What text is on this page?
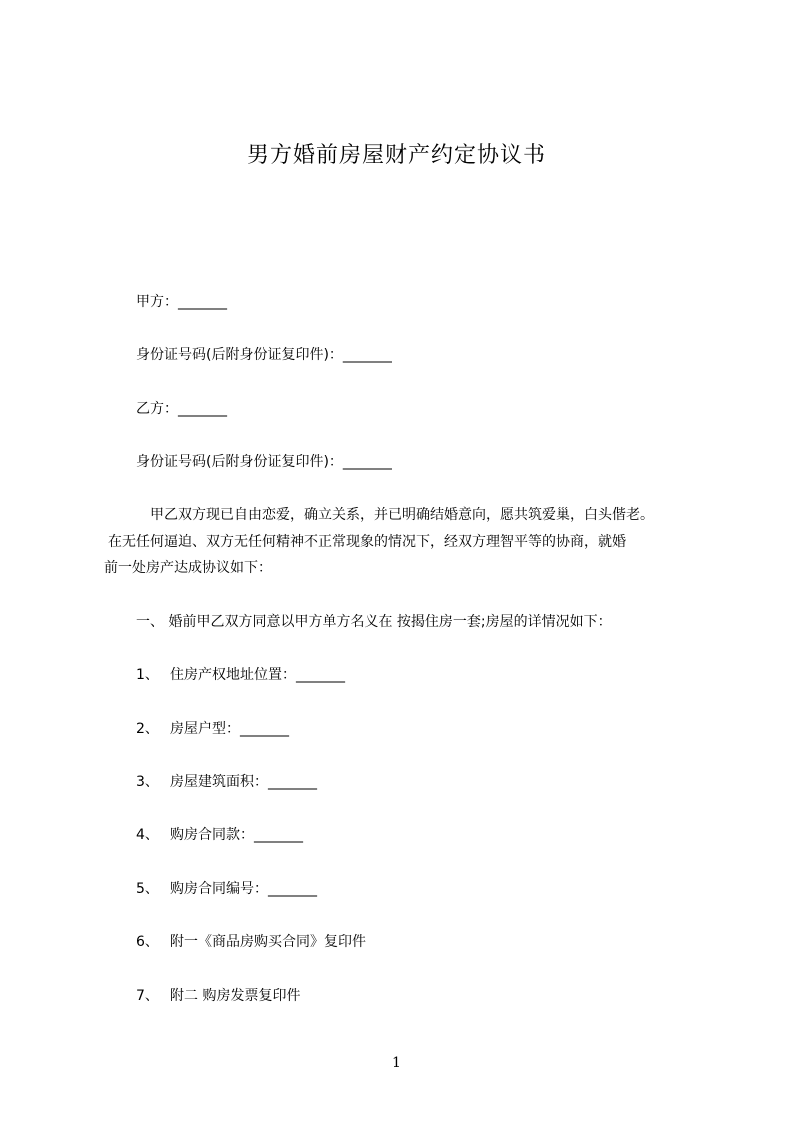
男方婚前房屋财产约定协议书
甲方：_______
身份证号码(后附身份证复印件)：_______
乙方：_______
身份证号码(后附身份证复印件)：_______
甲乙双方现已自由恋爱，确立关系，并已明确结婚意向，愿共筑爱巢，白头偕老。
在无任何逼迫、双方无任何精神不正常现象的情况下，经双方理智平等的协商，就婚
前一处房产达成协议如下：
一、 婚前甲乙双方同意以甲方单方名义在 按揭住房一套;房屋的详情况如下：
1、 住房产权地址位置：_______
2、 房屋户型：_______
3、 房屋建筑面积：_______
4、 购房合同款：_______
5、 购房合同编号：_______
6、 附一《商品房购买合同》复印件
7、 附二 购房发票复印件
1
